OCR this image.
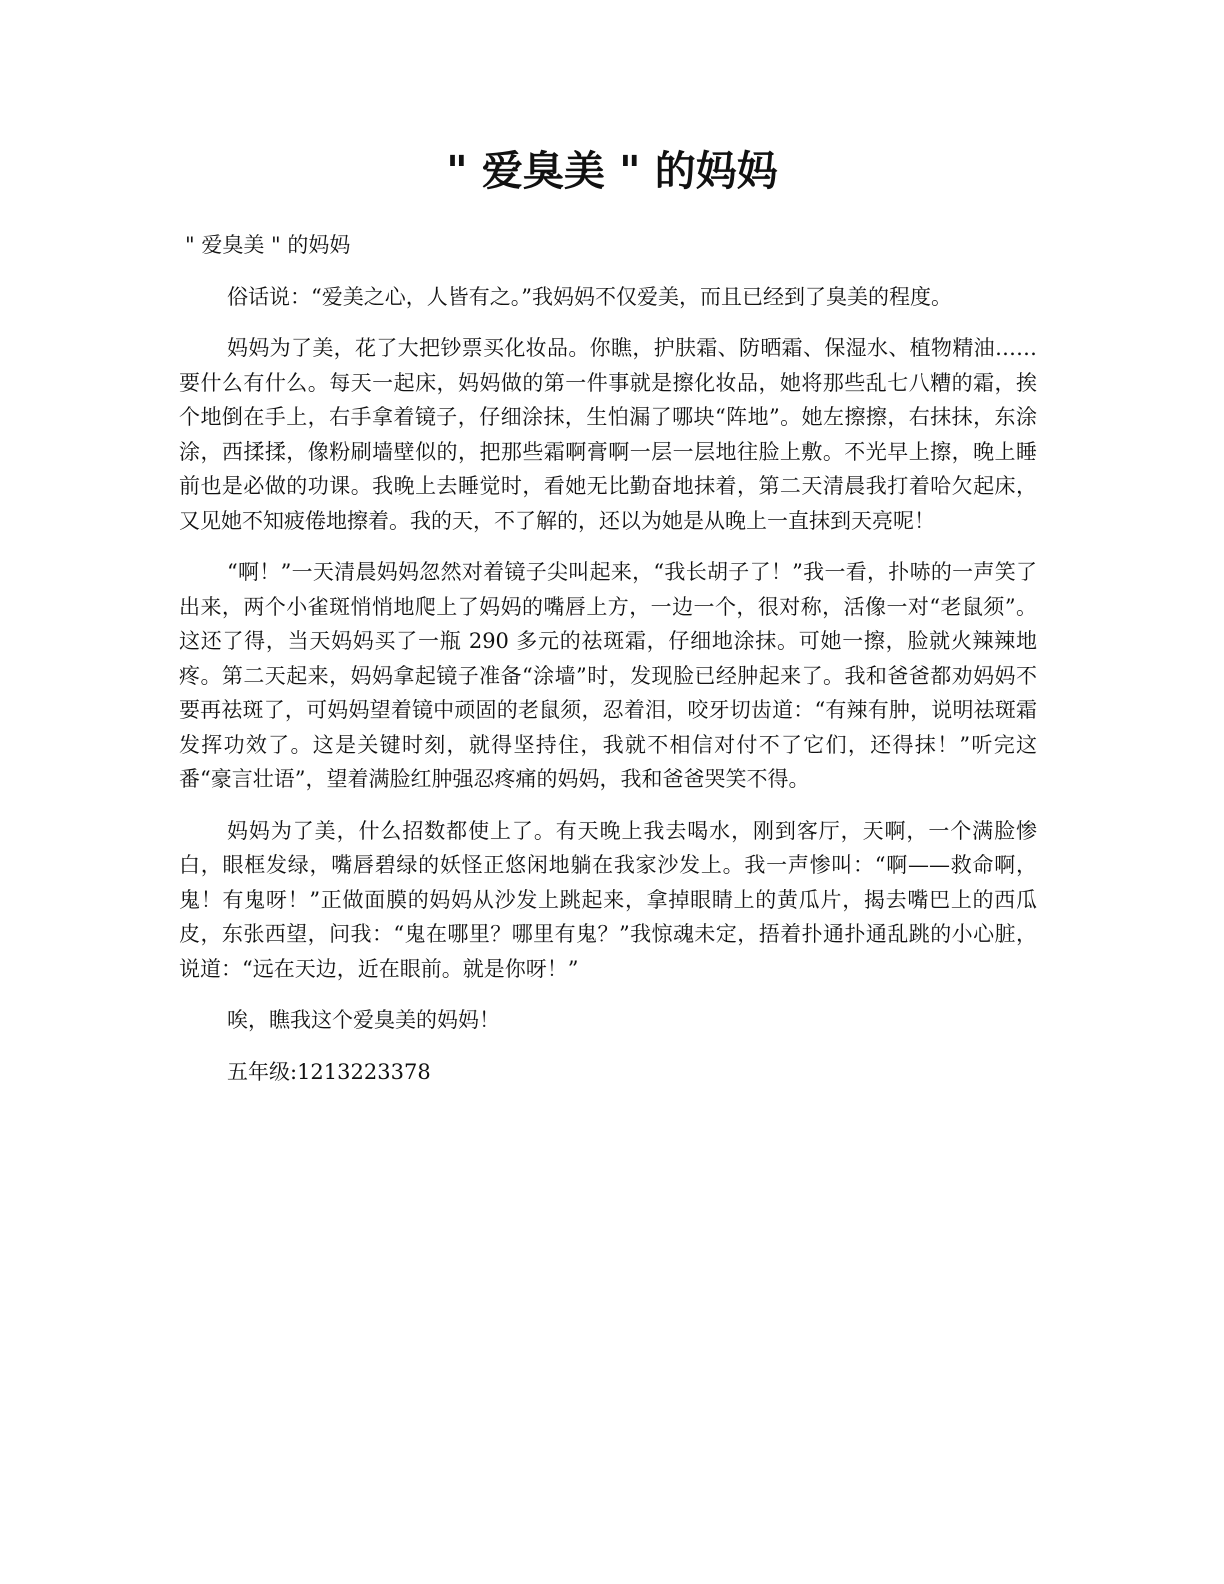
" 爱臭美 " 的妈妈

" 爱臭美 " 的妈妈

俗话说：“爱美之心，人皆有之。”我妈妈不仅爱美，而且已经到了臭美的程度。

妈妈为了美，花了大把钞票买化妆品。你瞧，护肤霜、防晒霜、保湿水、植物精油……要什么有什么。每天一起床，妈妈做的第一件事就是擦化妆品，她将那些乱七八糟的霜，挨个地倒在手上，右手拿着镜子，仔细涂抹，生怕漏了哪块“阵地”。她左擦擦，右抹抹，东涂涂，西揉揉，像粉刷墙壁似的，把那些霜啊膏啊一层一层地往脸上敷。不光早上擦，晚上睡前也是必做的功课。我晚上去睡觉时，看她无比勤奋地抹着，第二天清晨我打着哈欠起床，又见她不知疲倦地擦着。我的天，不了解的，还以为她是从晚上一直抹到天亮呢！

“啊！”一天清晨妈妈忽然对着镜子尖叫起来，“我长胡子了！”我一看，扑哧的一声笑了出来，两个小雀斑悄悄地爬上了妈妈的嘴唇上方，一边一个，很对称，活像一对“老鼠须”。这还了得，当天妈妈买了一瓶 290 多元的祛斑霜，仔细地涂抹。可她一擦，脸就火辣辣地疼。第二天起来，妈妈拿起镜子准备“涂墙”时，发现脸已经肿起来了。我和爸爸都劝妈妈不要再祛斑了，可妈妈望着镜中顽固的老鼠须，忍着泪，咬牙切齿道：“有辣有肿，说明祛斑霜发挥功效了。这是关键时刻，就得坚持住，我就不相信对付不了它们，还得抹！”听完这番“豪言壮语”，望着满脸红肿强忍疼痛的妈妈，我和爸爸哭笑不得。

妈妈为了美，什么招数都使上了。有天晚上我去喝水，刚到客厅，天啊，一个满脸惨白，眼框发绿，嘴唇碧绿的妖怪正悠闲地躺在我家沙发上。我一声惨叫：“啊——救命啊，鬼！有鬼呀！”正做面膜的妈妈从沙发上跳起来，拿掉眼睛上的黄瓜片，揭去嘴巴上的西瓜皮，东张西望，问我：“鬼在哪里？哪里有鬼？”我惊魂未定，捂着扑通扑通乱跳的小心脏，说道：“远在天边，近在眼前。就是你呀！”

唉，瞧我这个爱臭美的妈妈！

五年级:1213223378
